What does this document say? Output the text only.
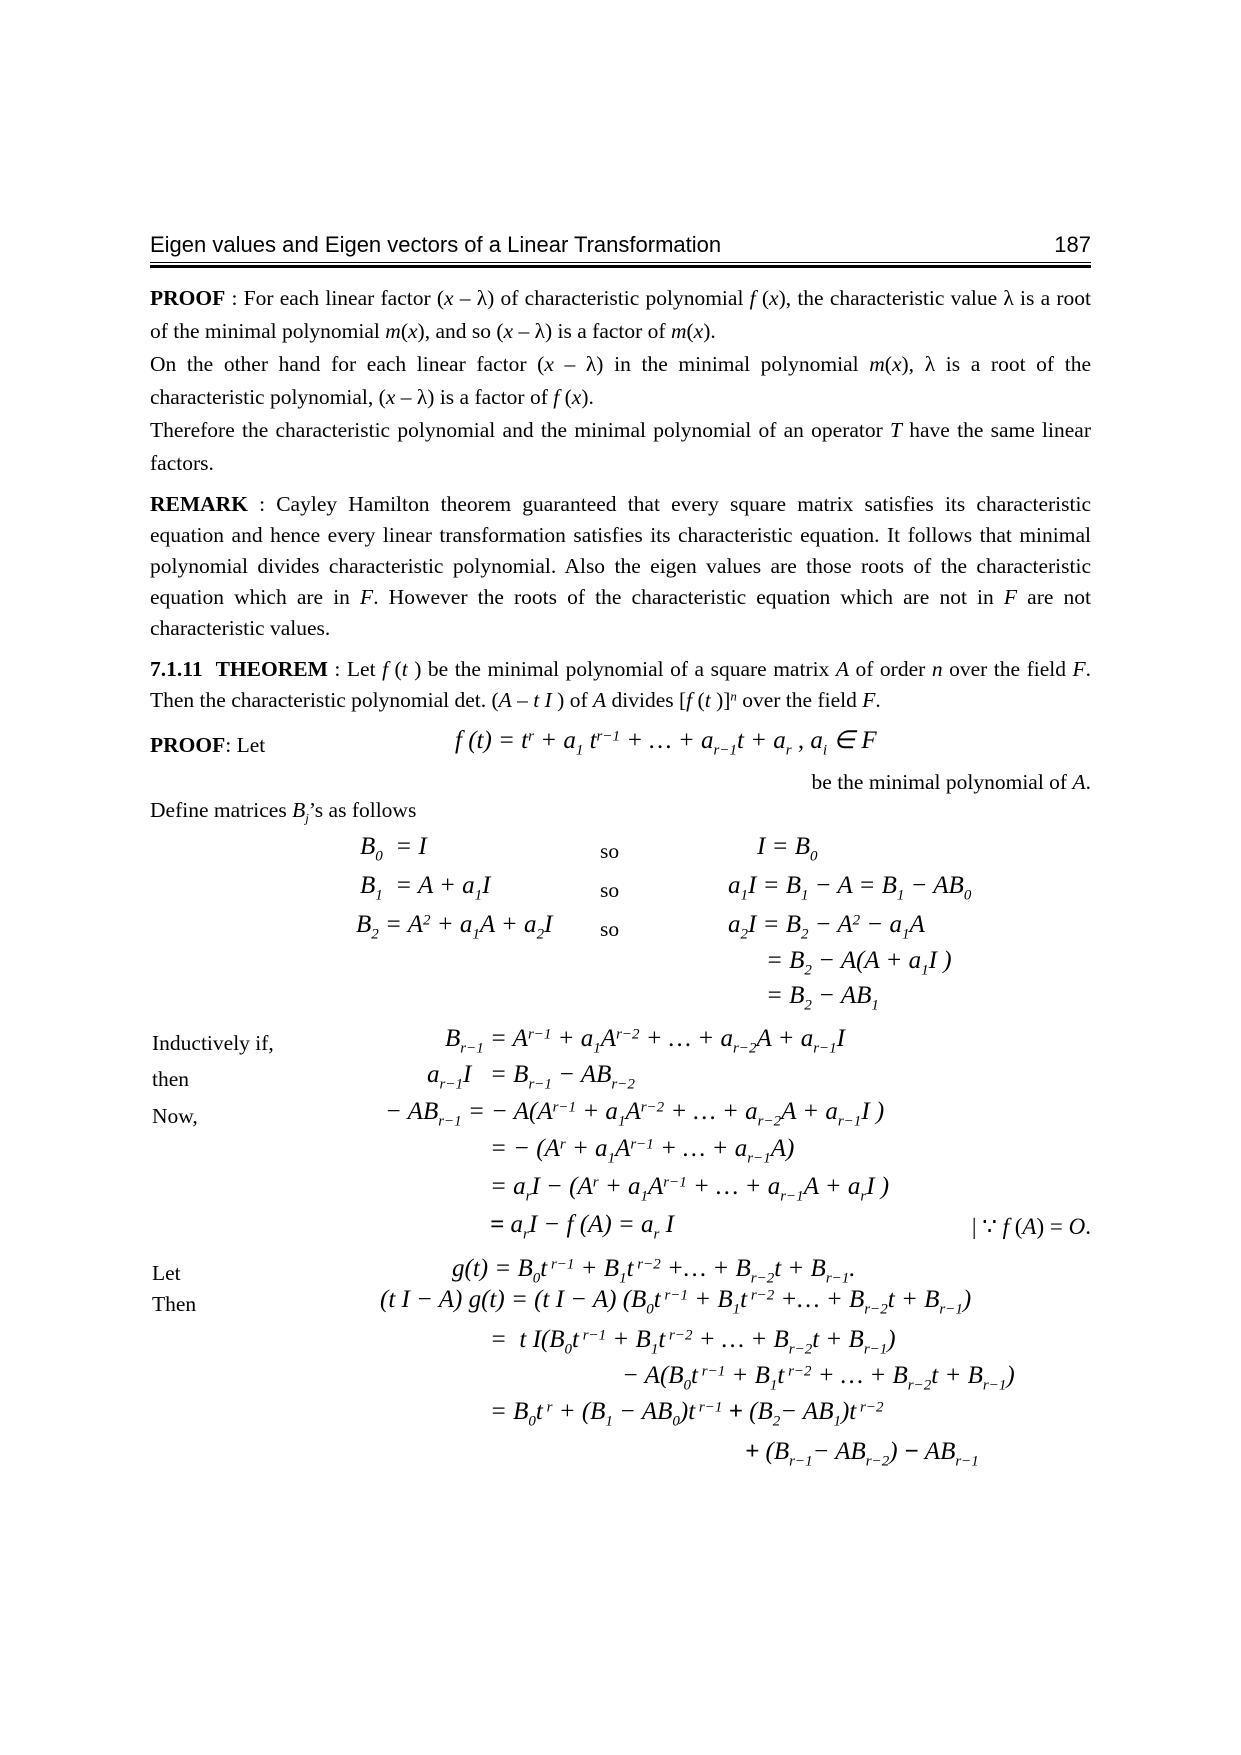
Eigen values and Eigen vectors of a Linear Transformation	187
PROOF : For each linear factor (x – λ) of characteristic polynomial f (x), the characteristic value λ is a root of the minimal polynomial m(x), and so (x – λ) is a factor of m(x).
On the other hand for each linear factor (x – λ) in the minimal polynomial m(x), λ is a root of the characteristic polynomial, (x – λ) is a factor of f (x).
Therefore the characteristic polynomial and the minimal polynomial of an operator T have the same linear factors.
REMARK : Cayley Hamilton theorem guaranteed that every square matrix satisfies its characteristic equation and hence every linear transformation satisfies its characteristic equation. It follows that minimal polynomial divides characteristic polynomial. Also the eigen values are those roots of the characteristic equation which are in F. However the roots of the characteristic equation which are not in F are not characteristic values.
7.1.11  THEOREM : Let f (t ) be the minimal polynomial of a square matrix A of order n over the field F. Then the characteristic polynomial det. (A – t I ) of A divides [f (t )]$^n$ over the field F.
PROOF: Let	f $(t) = t^r + a_1$ $t^{r-1}$ + … + $a_{r-1}t + a_r$ , $a_i$ ∈ F
be the minimal polynomial of A.
Define matrices $B_j’s$ as follows
$B_0 = I$	so	$I = B_0$
$B_1 = A + a_1I$	so	$a_1I = B_1 - A = B_1 - AB_0$
$B_2 = A^2 + a_1A + a_2I$ so	$a_2I = B_2 - A^2 - a_1A$
= $B_2 - A(A + a_1I$ )
= $B_2 - AB_1$
Inductively if,	$B_{r-1} = A^{r-1} + a_1A^{r-2}$ + … + $a_{r-2}A + a_{r-1}I$
then	$a_{r-1}I = B_{r-1} - AB_{r-2}$
Now,	− $AB_{r-1}$ = − $A(A^{r-1} + a_1A^{r-2}$ + … + $a_{r-2}A + a_{r-1}I$ )
= − ($A^r + a_1A^{r-1}$ + … + $a_{r-1}A$)
= $a_rI - (A^r + a_1A^{r-1}$ + … + $a_{r-1}A + a_rI$ )
= $a_rI - f$ $(A) = a_r$ I	| ∵ f (A) = O.
Let	$g(t) = B_0t$ $^{r-1} + B_1t$ $^{r-2}$ +… + $B_{r-2}t + B_{r-1}$.
Then	(t I − A) g(t) = (t I − A) ($B_0t$ $^{r-1} + B_1t$ $^{r-2}$ +… + $B_{r-2}t + B_{r-1}$)
=  t $I(B_0t$ $^{r-1} + B_1t$ $^{r-2}$ + … + $B_{r-2}t + B_{r-1}$)
− $A(B_0t$ $^{r-1} + B_1t$ $^{r-2}$ + … + $B_{r-2}t + B_{r-1}$)
= $B_0t$ $^r + (B_1 - AB_0)t$ $^{r-1} + (B_2- AB_1)t$ $^{r-2}$
+ $(B_{r-1}- AB_{r-2}) - AB_{r-1}$
